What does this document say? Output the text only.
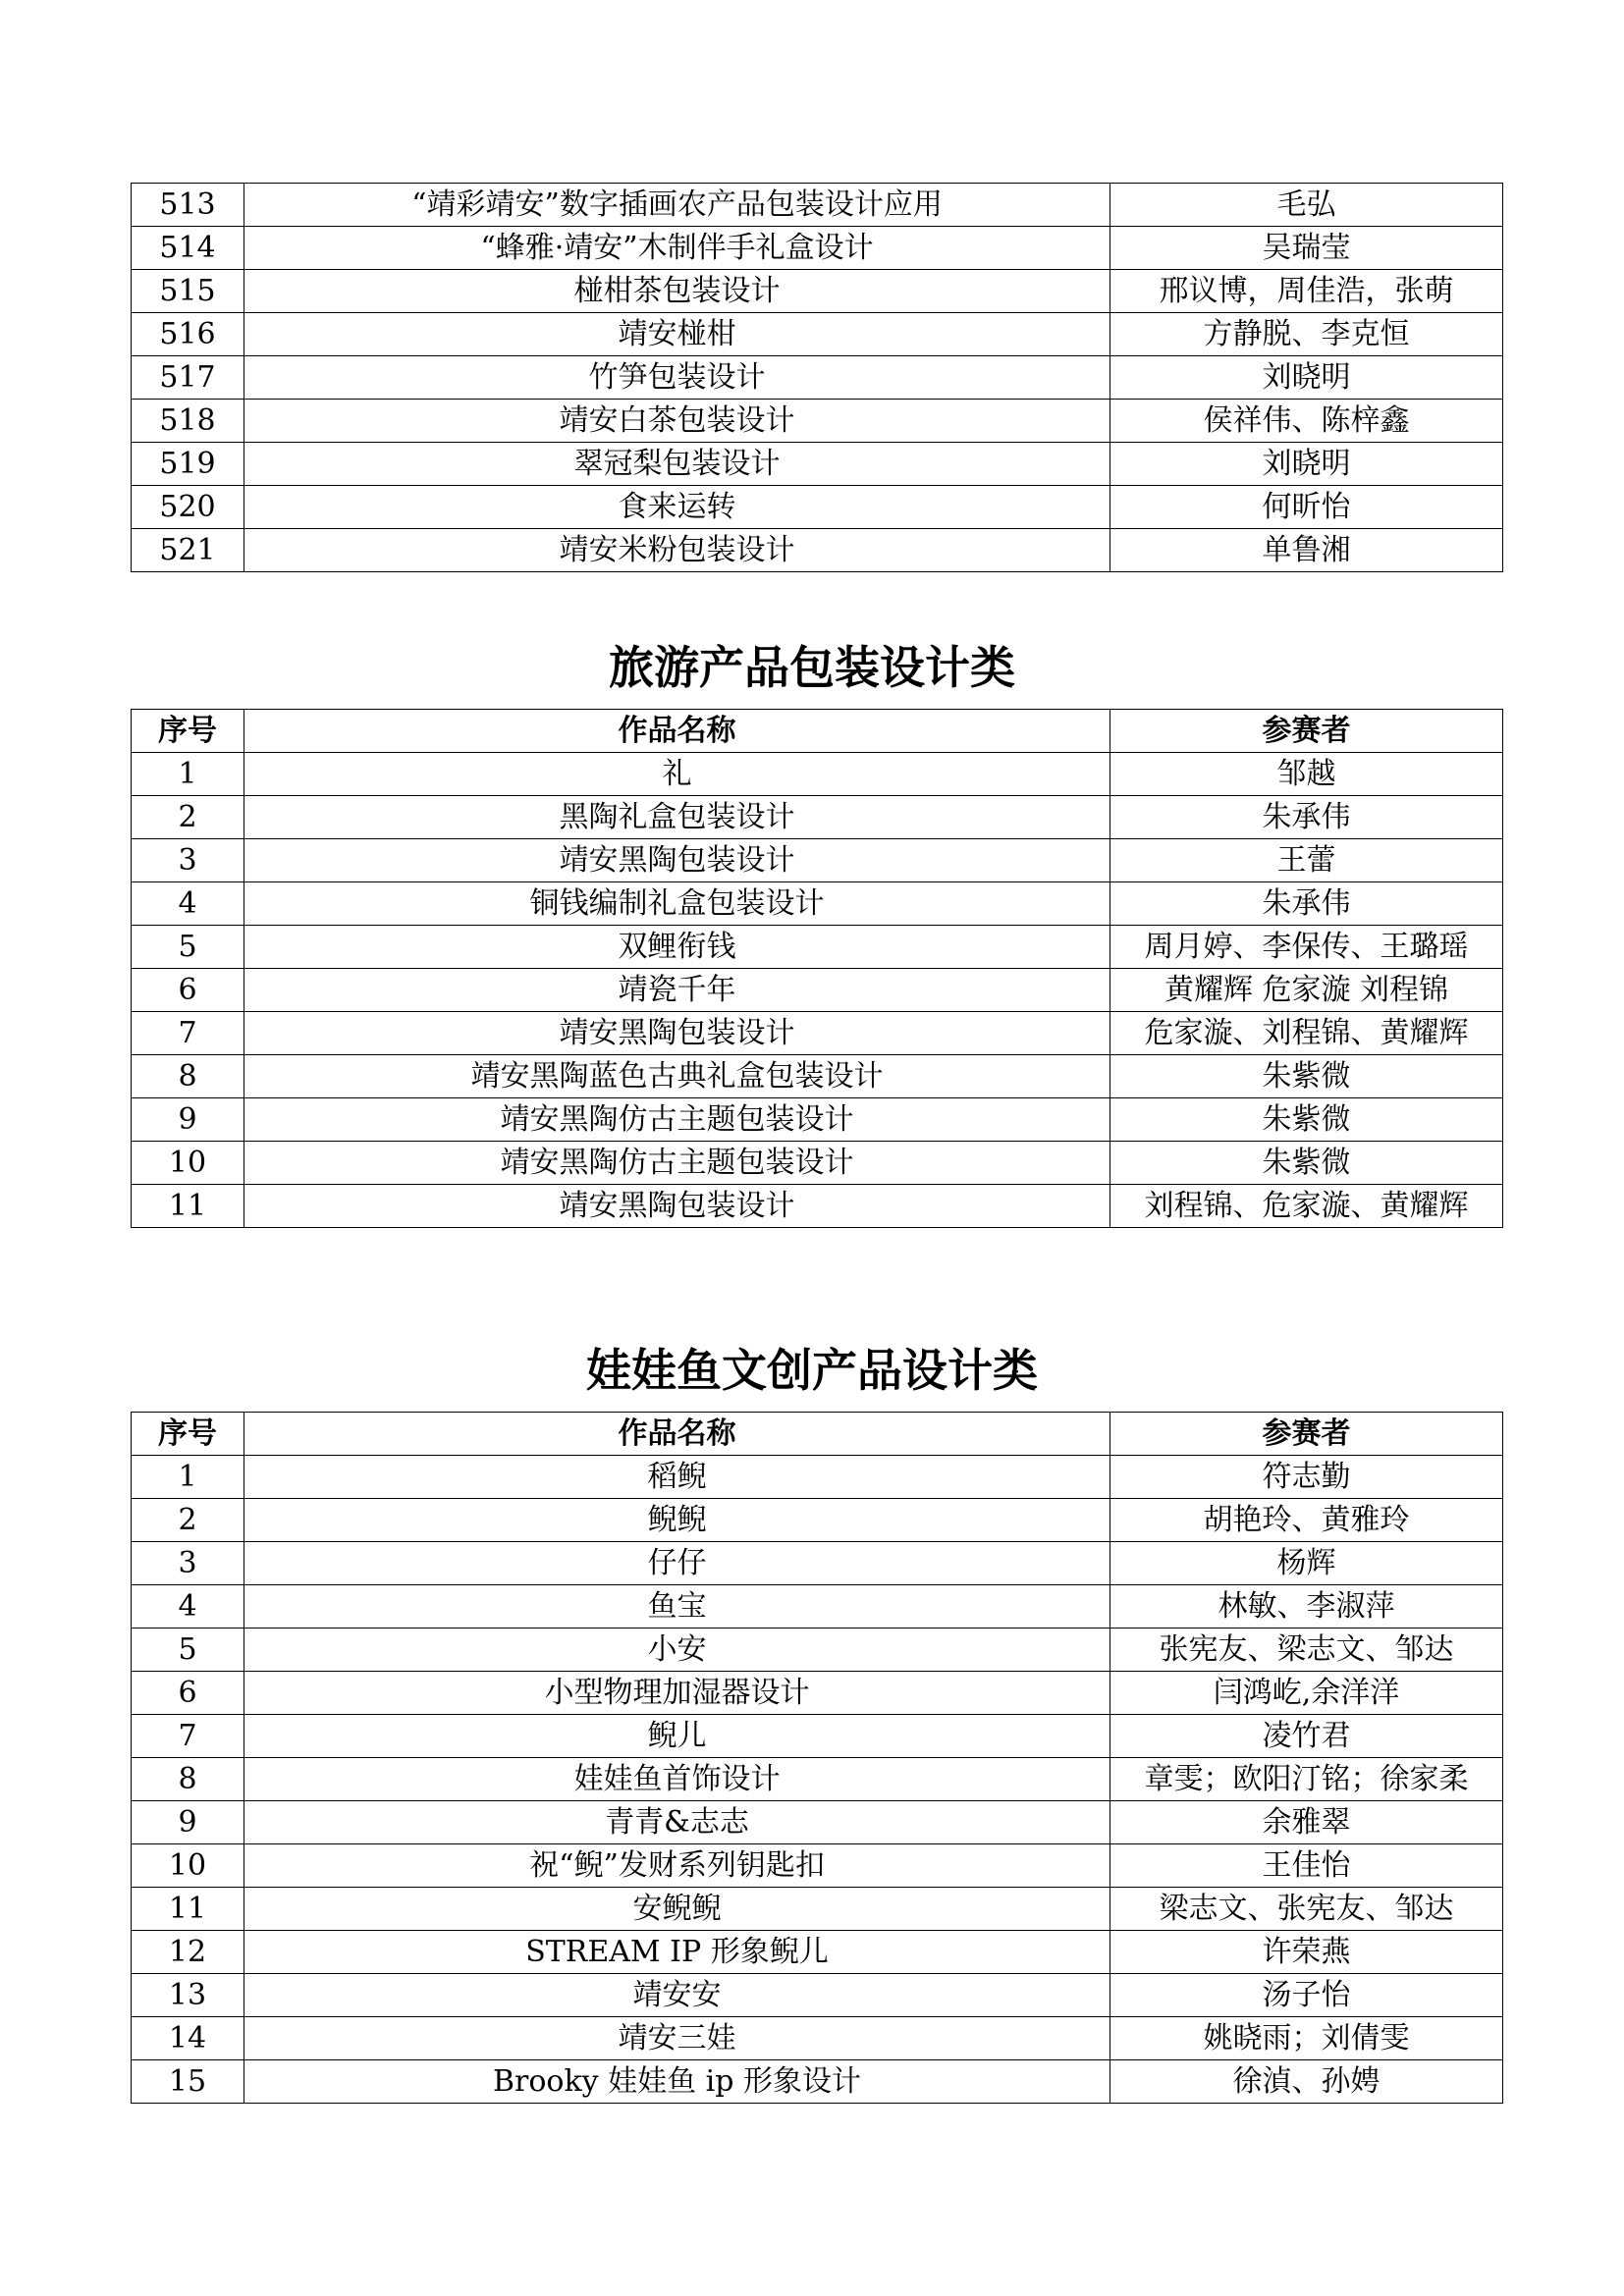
513	“靖彩靖安”数字插画农产品包装设计应用	毛弘
514	“蜂雅·靖安”木制伴手礼盒设计	吴瑞莹
515	椪柑茶包装设计	邢议博，周佳浩，张萌
516	靖安椪柑	方静脱、李克恒
517	竹笋包装设计	刘晓明
518	靖安白茶包装设计	侯祥伟、陈梓鑫
519	翠冠梨包装设计	刘晓明
520	食来运转	何昕怡
521	靖安米粉包装设计	单鲁湘
旅游产品包装设计类
序号	作品名称	参赛者
1	礼	邹越
2	黑陶礼盒包装设计	朱承伟
3	靖安黑陶包装设计	王蕾
4	铜钱编制礼盒包装设计	朱承伟
5	双鲤衔钱	周月婷、李保传、王璐瑶
6	靖瓷千年	黄耀辉 危家漩 刘程锦
7	靖安黑陶包装设计	危家漩、刘程锦、黄耀辉
8	靖安黑陶蓝色古典礼盒包装设计	朱紫微
9	靖安黑陶仿古主题包装设计	朱紫微
10	靖安黑陶仿古主题包装设计	朱紫微
11	靖安黑陶包装设计	刘程锦、危家漩、黄耀辉
娃娃鱼文创产品设计类
序号	作品名称	参赛者
1	稻鲵	符志勤
2	鲵鲵	胡艳玲、黄雅玲
3	仔仔	杨辉
4	鱼宝	林敏、李淑萍
5	小安	张宪友、梁志文、邹达
6	小型物理加湿器设计	闫鸿屹,余洋洋
7	鲵儿	凌竹君
8	娃娃鱼首饰设计	章雯；欧阳汀铭；徐家柔
9	青青&志志	余雅翠
10	祝“鲵”发财系列钥匙扣	王佳怡
11	安鲵鲵	梁志文、张宪友、邹达
12	STREAM IP 形象鲵儿	许荣燕
13	靖安安	汤子怡
14	靖安三娃	姚晓雨；刘倩雯
15	Brooky 娃娃鱼 ip 形象设计	徐湞、孙娉
